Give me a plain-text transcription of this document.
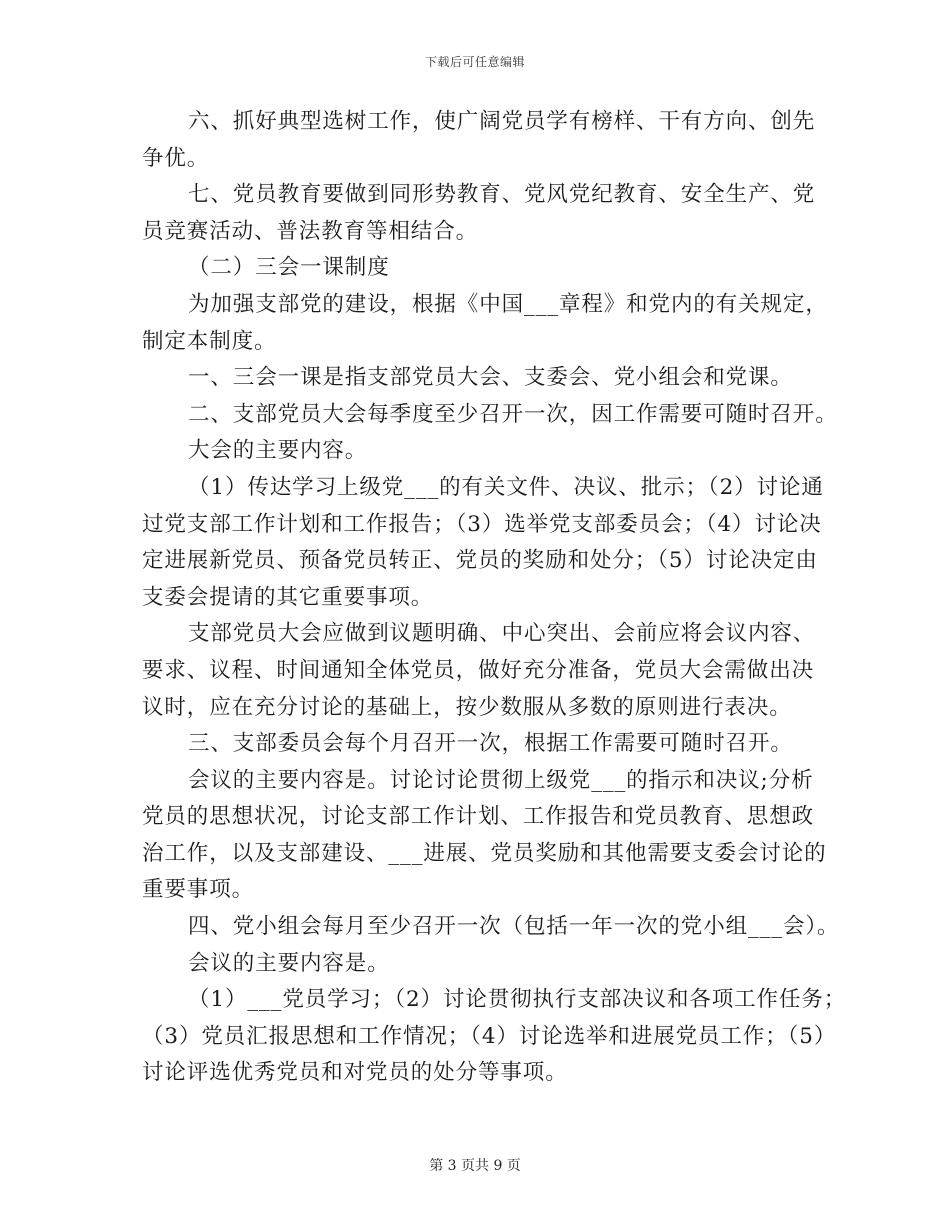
下载后可任意编辑
六、抓好典型选树工作，使广阔党员学有榜样、干有方向、创先
争优。
七、党员教育要做到同形势教育、党风党纪教育、安全生产、党
员竞赛活动、普法教育等相结合。
（二）三会一课制度
为加强支部党的建设，根据《中国___章程》和党内的有关规定，
制定本制度。
一、三会一课是指支部党员大会、支委会、党小组会和党课。
二、支部党员大会每季度至少召开一次，因工作需要可随时召开。
大会的主要内容。
（1）传达学习上级党___的有关文件、决议、批示；（2）讨论通
过党支部工作计划和工作报告；（3）选举党支部委员会；（4）讨论决
定进展新党员、预备党员转正、党员的奖励和处分；（5）讨论决定由
支委会提请的其它重要事项。
支部党员大会应做到议题明确、中心突出、会前应将会议内容、
要求、议程、时间通知全体党员，做好充分准备，党员大会需做出决
议时，应在充分讨论的基础上，按少数服从多数的原则进行表决。
三、支部委员会每个月召开一次，根据工作需要可随时召开。
会议的主要内容是。讨论讨论贯彻上级党___的指示和决议;分析
党员的思想状况，讨论支部工作计划、工作报告和党员教育、思想政
治工作，以及支部建设、___进展、党员奖励和其他需要支委会讨论的
重要事项。
四、党小组会每月至少召开一次（包括一年一次的党小组___会）。
会议的主要内容是。
（1）___党员学习；（2）讨论贯彻执行支部决议和各项工作任务；
（3）党员汇报思想和工作情况；（4）讨论选举和进展党员工作；（5）
讨论评选优秀党员和对党员的处分等事项。
第 3 页共 9 页
